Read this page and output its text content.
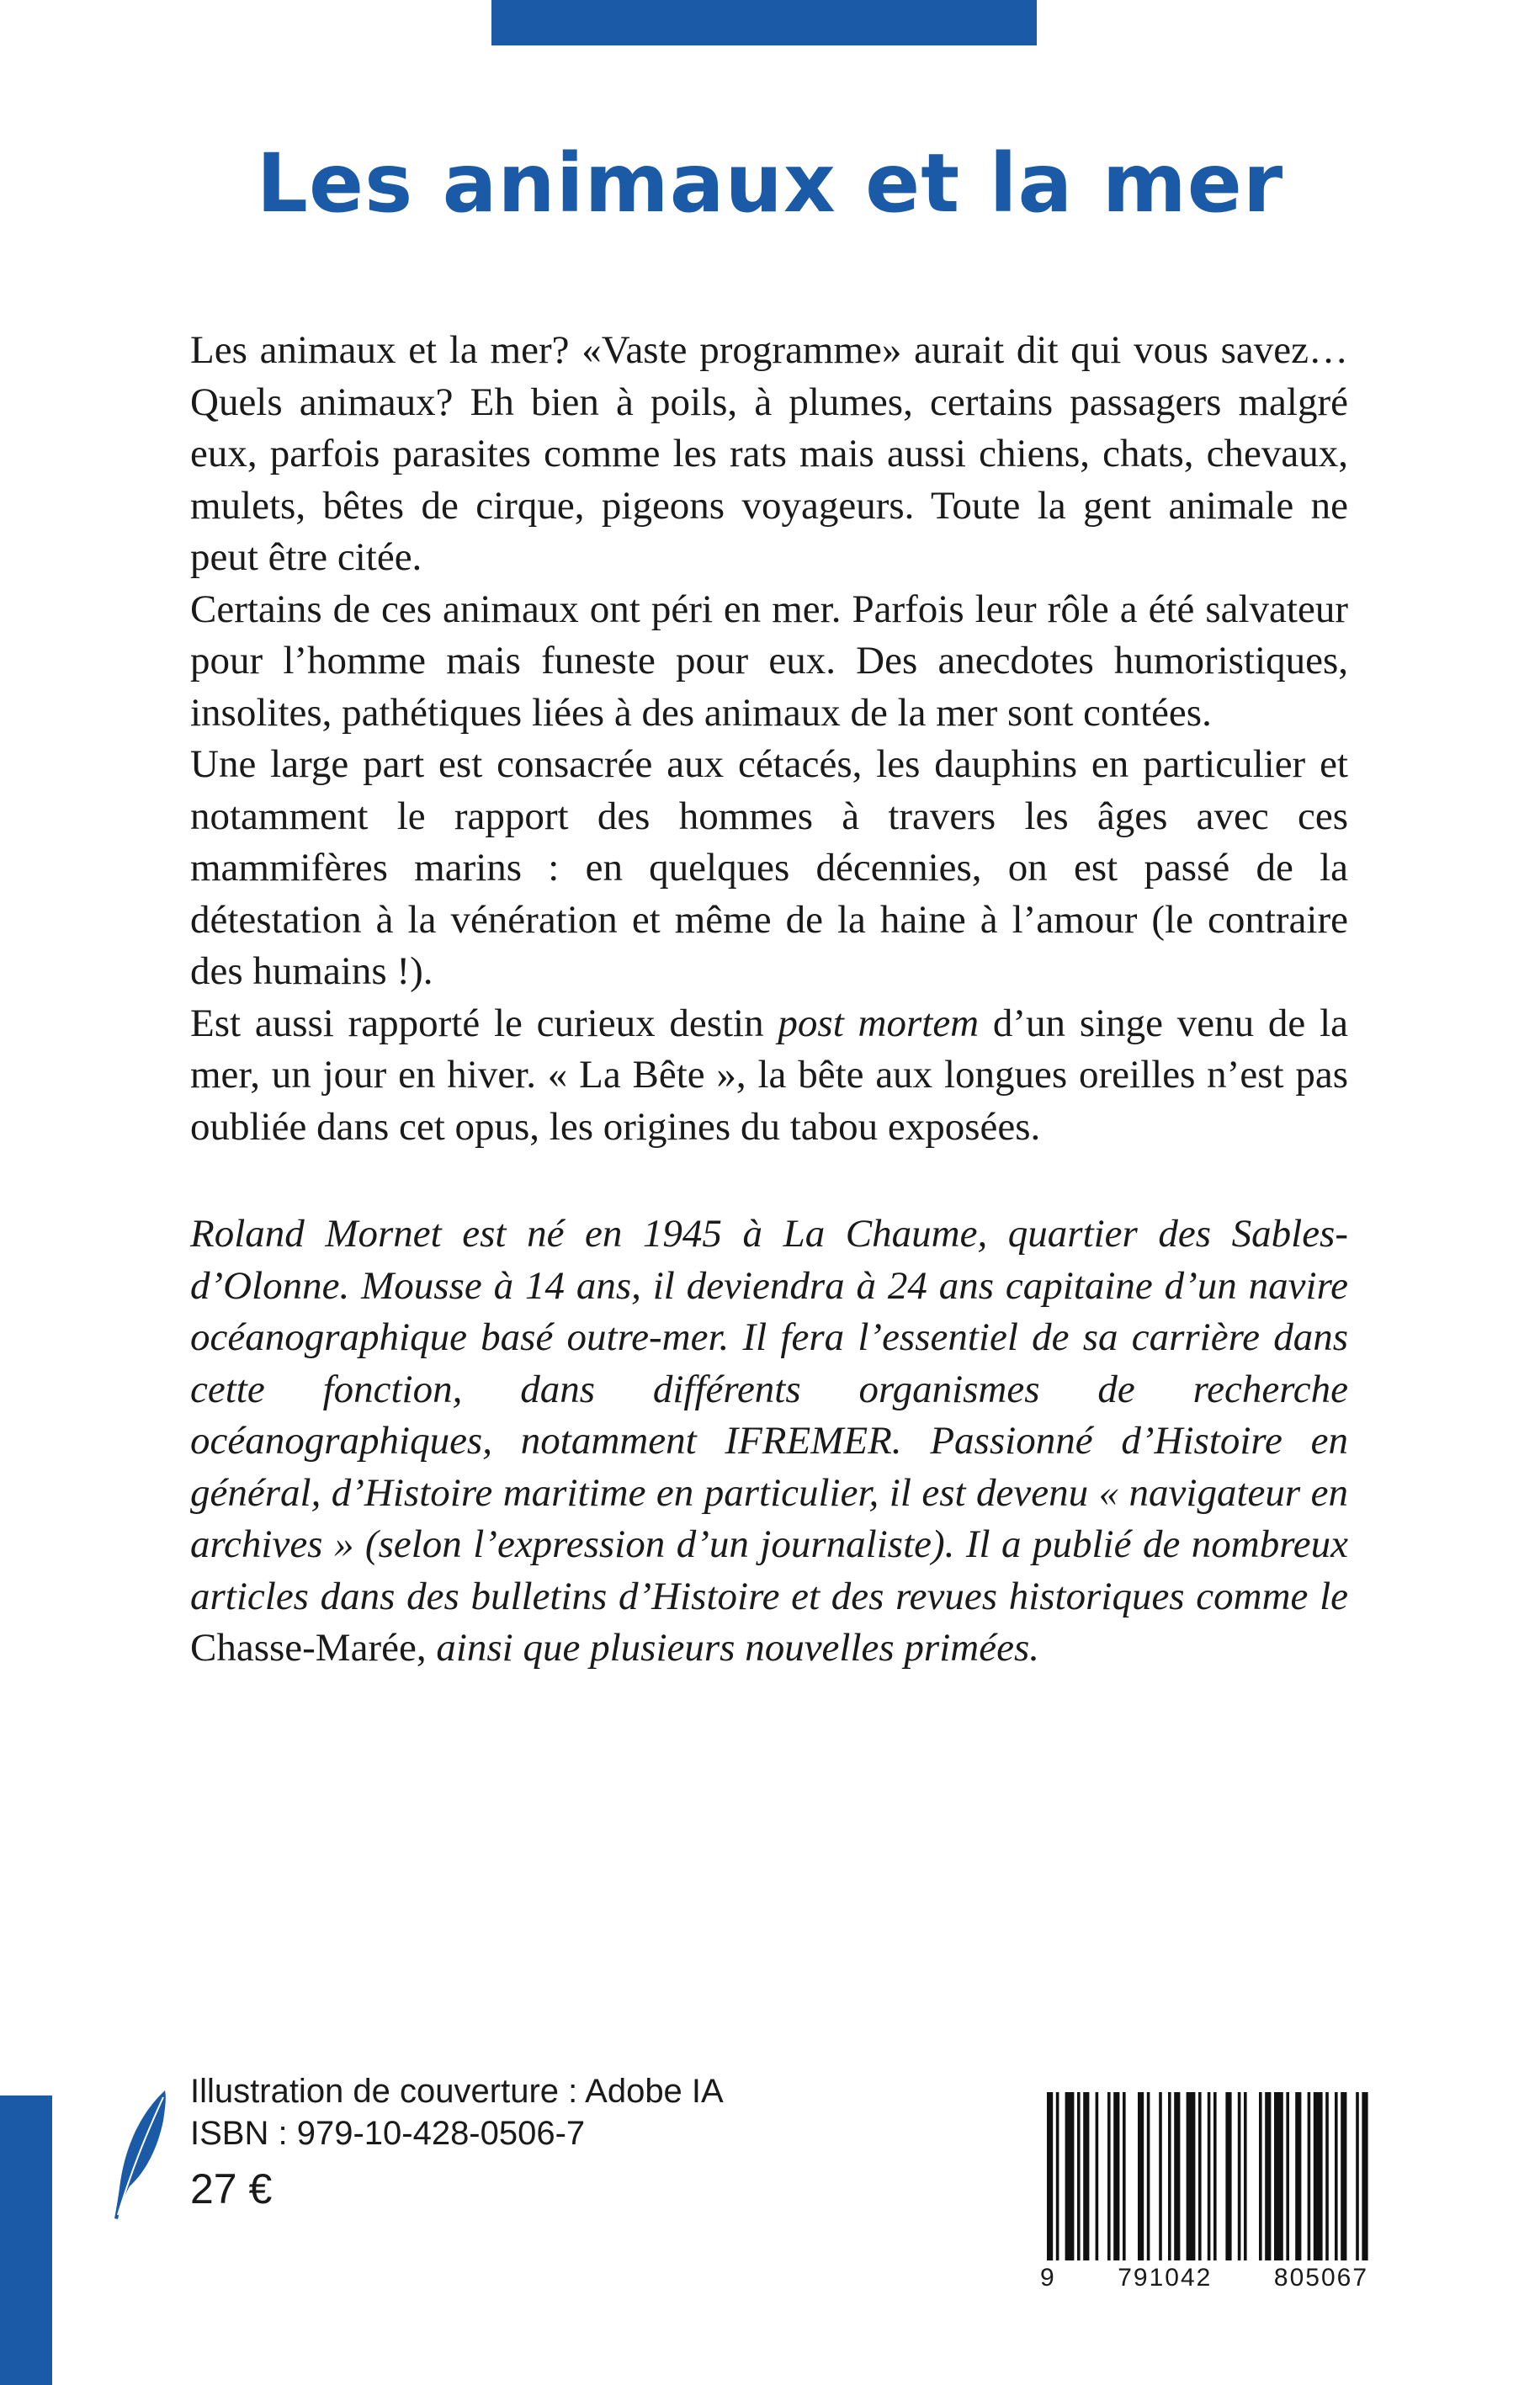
Les animaux et la mer

Les animaux et la mer? «Vaste programme» aurait dit qui vous savez… Quels animaux? Eh bien à poils, à plumes, certains passagers malgré eux, parfois parasites comme les rats mais aussi chiens, chats, chevaux, mulets, bêtes de cirque, pigeons voyageurs. Toute la gent animale ne peut être citée.

Certains de ces animaux ont péri en mer. Parfois leur rôle a été salvateur pour l’homme mais funeste pour eux. Des anecdotes humoristiques, insolites, pathétiques liées à des animaux de la mer sont contées.

Une large part est consacrée aux cétacés, les dauphins en particulier et notamment le rapport des hommes à travers les âges avec ces mammifères marins : en quelques décennies, on est passé de la détestation à la vénération et même de la haine à l’amour (le contraire des humains !).

Est aussi rapporté le curieux destin post mortem d’un singe venu de la mer, un jour en hiver. « La Bête », la bête aux longues oreilles n’est pas oubliée dans cet opus, les origines du tabou exposées.

Roland Mornet est né en 1945 à La Chaume, quartier des Sables-d’Olonne. Mousse à 14 ans, il deviendra à 24 ans capitaine d’un navire océanographique basé outre-mer. Il fera l’essentiel de sa carrière dans cette fonction, dans différents organismes de recherche océanographiques, notamment IFREMER. Passionné d’Histoire en général, d’Histoire maritime en particulier, il est devenu « navigateur en archives » (selon l’expression d’un journaliste). Il a publié de nombreux articles dans des bulletins d’Histoire et des revues historiques comme le Chasse-Marée, ainsi que plusieurs nouvelles primées.

Illustration de couverture : Adobe IA
ISBN : 979-10-428-0506-7
27 €
9 791042 805067
